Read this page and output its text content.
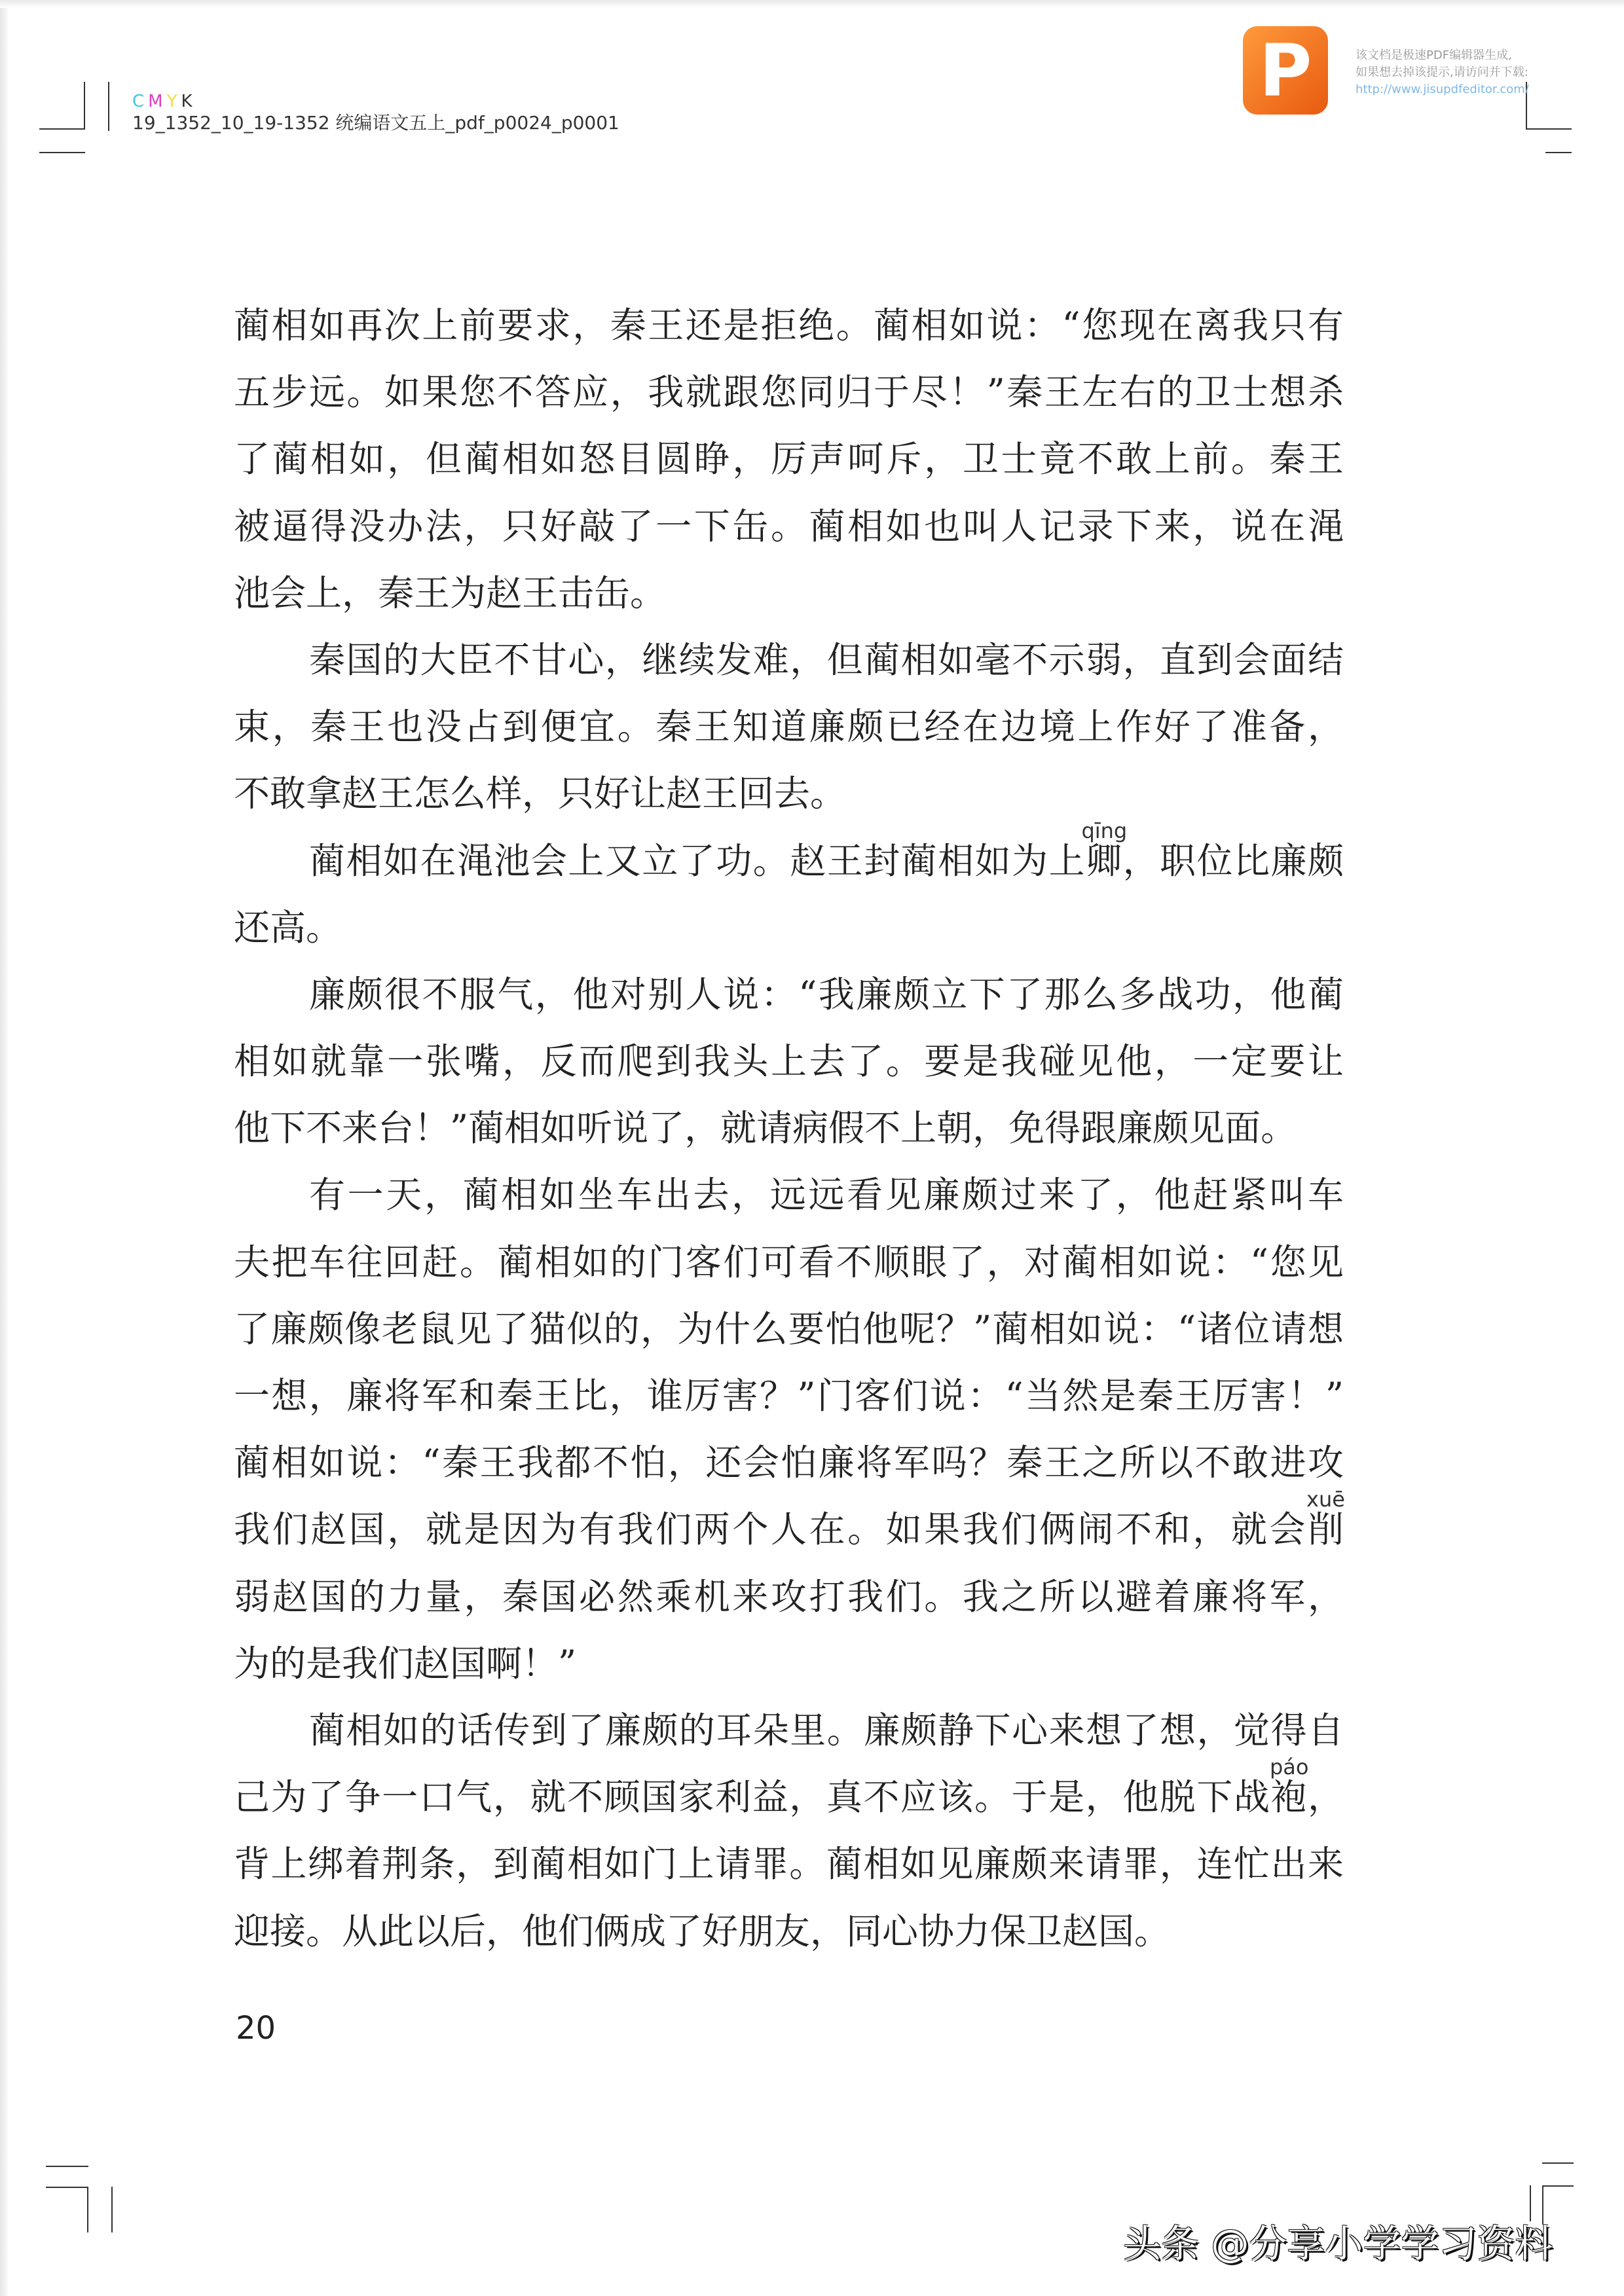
CMYK
19_1352_10_19-1352 统编语文五上_pdf_p0024_p0001
P	该文档是极速PDF编辑器生成,
如果想去掉该提示,请访问并下载:
http://www.jisupdfeditor.com/
蔺相如再次上前要求，秦王还是拒绝。蔺相如说：“您现在离我只有
五步远。如果您不答应，我就跟您同归于尽！”秦王左右的卫士想杀
了蔺相如，但蔺相如怒目圆睁，厉声呵斥，卫士竟不敢上前。秦王
被逼得没办法，只好敲了一下缶。蔺相如也叫人记录下来，说在渑
池会上，秦王为赵王击缶。
秦国的大臣不甘心，继续发难，但蔺相如毫不示弱，直到会面结
束，秦王也没占到便宜。秦王知道廉颇已经在边境上作好了准备，
不敢拿赵王怎么样，只好让赵王回去。
蔺相如在渑池会上又立了功。赵王封蔺相如为上卿，职位比廉颇
还高。
廉颇很不服气，他对别人说：“我廉颇立下了那么多战功，他蔺
相如就靠一张嘴，反而爬到我头上去了。要是我碰见他，一定要让
他下不来台！”蔺相如听说了，就请病假不上朝，免得跟廉颇见面。
有一天，蔺相如坐车出去，远远看见廉颇过来了，他赶紧叫车
夫把车往回赶。蔺相如的门客们可看不顺眼了，对蔺相如说：“您见
了廉颇像老鼠见了猫似的，为什么要怕他呢？”蔺相如说：“诸位请想
一想，廉将军和秦王比，谁厉害？”门客们说：“当然是秦王厉害！”
蔺相如说：“秦王我都不怕，还会怕廉将军吗？秦王之所以不敢进攻
我们赵国，就是因为有我们两个人在。如果我们俩闹不和，就会削
弱赵国的力量，秦国必然乘机来攻打我们。我之所以避着廉将军，
为的是我们赵国啊！”
蔺相如的话传到了廉颇的耳朵里。廉颇静下心来想了想，觉得自
己为了争一口气，就不顾国家利益，真不应该。于是，他脱下战袍，
背上绑着荆条，到蔺相如门上请罪。蔺相如见廉颇来请罪，连忙出来
迎接。从此以后，他们俩成了好朋友，同心协力保卫赵国。
qīng
xuē
páo
20
头条 @分享小学学习资料
